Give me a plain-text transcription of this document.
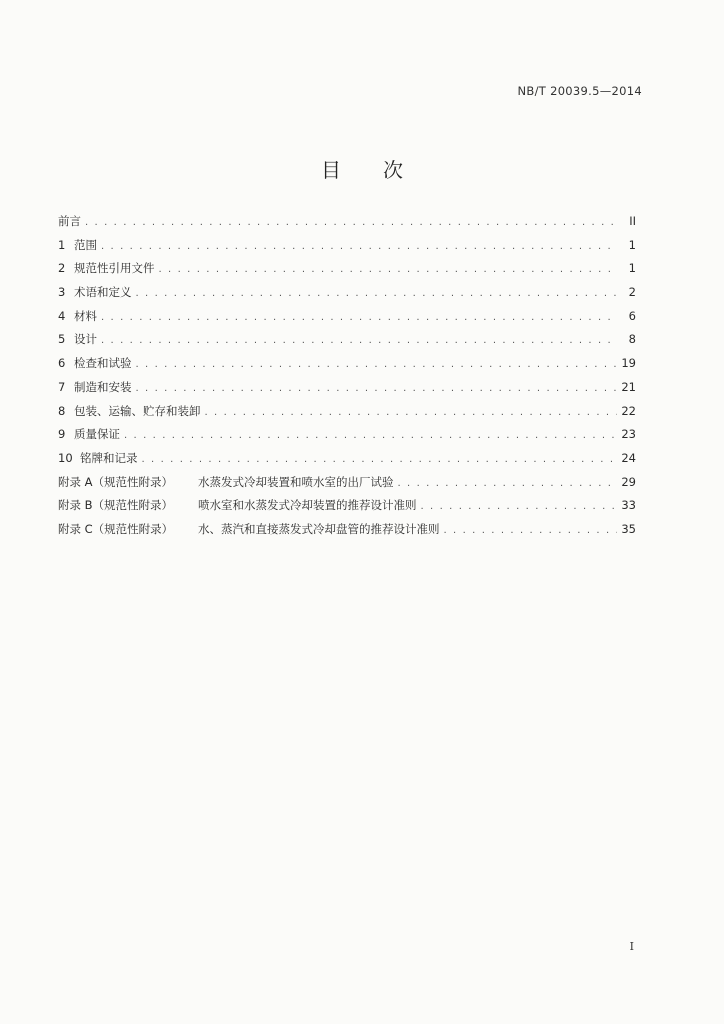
NB/T 20039.5—2014
目 次
前言 . . .	II
1 范围 . . .	1
2 规范性引用文件 . . .	1
3 术语和定义 . . .	2
4 材料 . . .	6
5 设计 . . .	8
6 检查和试验 . . .	19
7 制造和安装 . . .	21
8 包装、运输、贮存和装卸 . . .	22
9 质量保证 . . .	23
10 铭牌和记录 . . .	24
附录 A（规范性附录）	水蒸发式冷却装置和喷水室的出厂试验 . . .	29
附录 B（规范性附录）	喷水室和水蒸发式冷却装置的推荐设计准则 . . .	33
附录 C（规范性附录）	水、蒸汽和直接蒸发式冷却盘管的推荐设计准则 . . .	35
I
